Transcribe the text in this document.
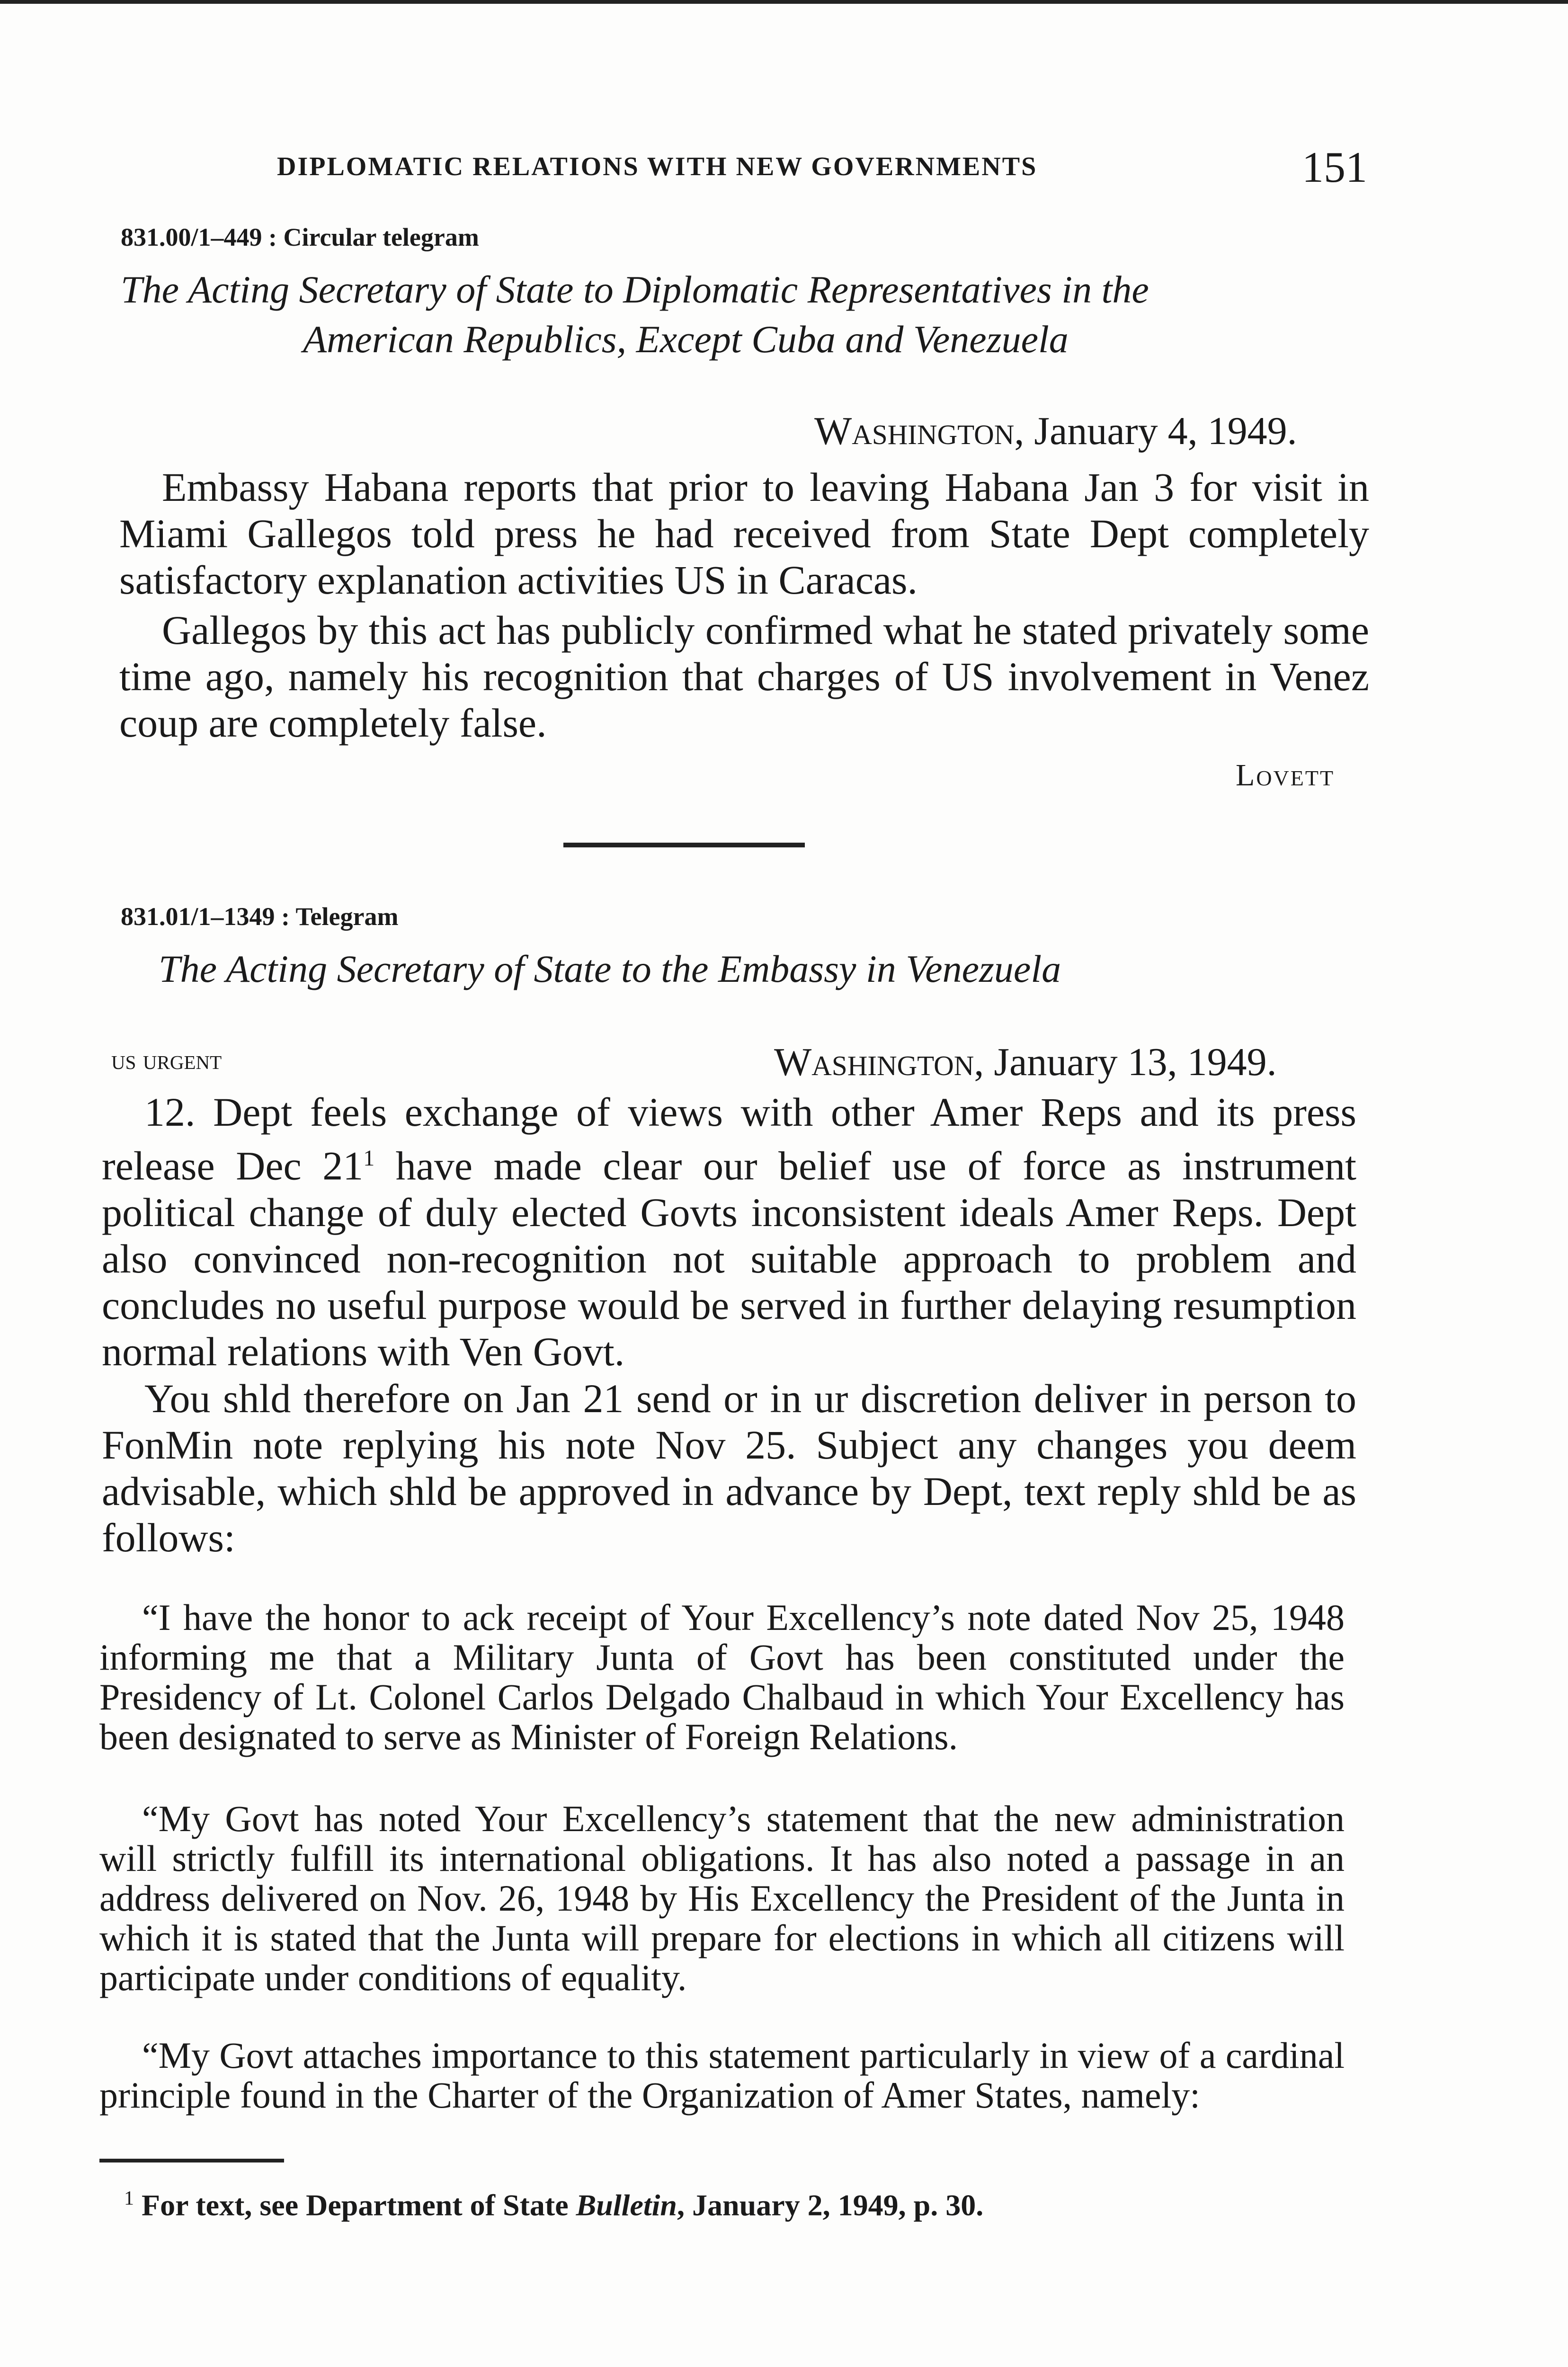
DIPLOMATIC RELATIONS WITH NEW GOVERNMENTS	151
831.00/1–449 : Circular telegram
The Acting Secretary of State to Diplomatic Representatives in the
American Republics, Except Cuba and Venezuela
Washington, January 4, 1949.
Embassy Habana reports that prior to leaving Habana Jan 3 for visit in Miami Gallegos told press he had received from State Dept completely satisfactory explanation activities US in Caracas.
Gallegos by this act has publicly confirmed what he stated privately some time ago, namely his recognition that charges of US involvement in Venez coup are completely false.
Lovett
831.01/1–1349 : Telegram
The Acting Secretary of State to the Embassy in Venezuela
us urgent	Washington, January 13, 1949.
12. Dept feels exchange of views with other Amer Reps and its press release Dec $21^1$ have made clear our belief use of force as instrument political change of duly elected Govts inconsistent ideals Amer Reps. Dept also convinced non-recognition not suitable approach to problem and concludes no useful purpose would be served in further delaying resumption normal relations with Ven Govt.
You shld therefore on Jan 21 send or in ur discretion deliver in person to FonMin note replying his note Nov 25. Subject any changes you deem advisable, which shld be approved in advance by Dept, text reply shld be as follows:
“I have the honor to ack receipt of Your Excellency’s note dated Nov 25, 1948 informing me that a Military Junta of Govt has been constituted under the Presidency of Lt. Colonel Carlos Delgado Chalbaud in which Your Excellency has been designated to serve as Minister of Foreign Relations.
“My Govt has noted Your Excellency’s statement that the new administration will strictly fulfill its international obligations. It has also noted a passage in an address delivered on Nov. 26, 1948 by His Excellency the President of the Junta in which it is stated that the Junta will prepare for elections in which all citizens will participate under conditions of equality.
“My Govt attaches importance to this statement particularly in view of a cardinal principle found in the Charter of the Organization of Amer States, namely:
$^1$ For text, see Department of State Bulletin, January 2, 1949, p. 30.
